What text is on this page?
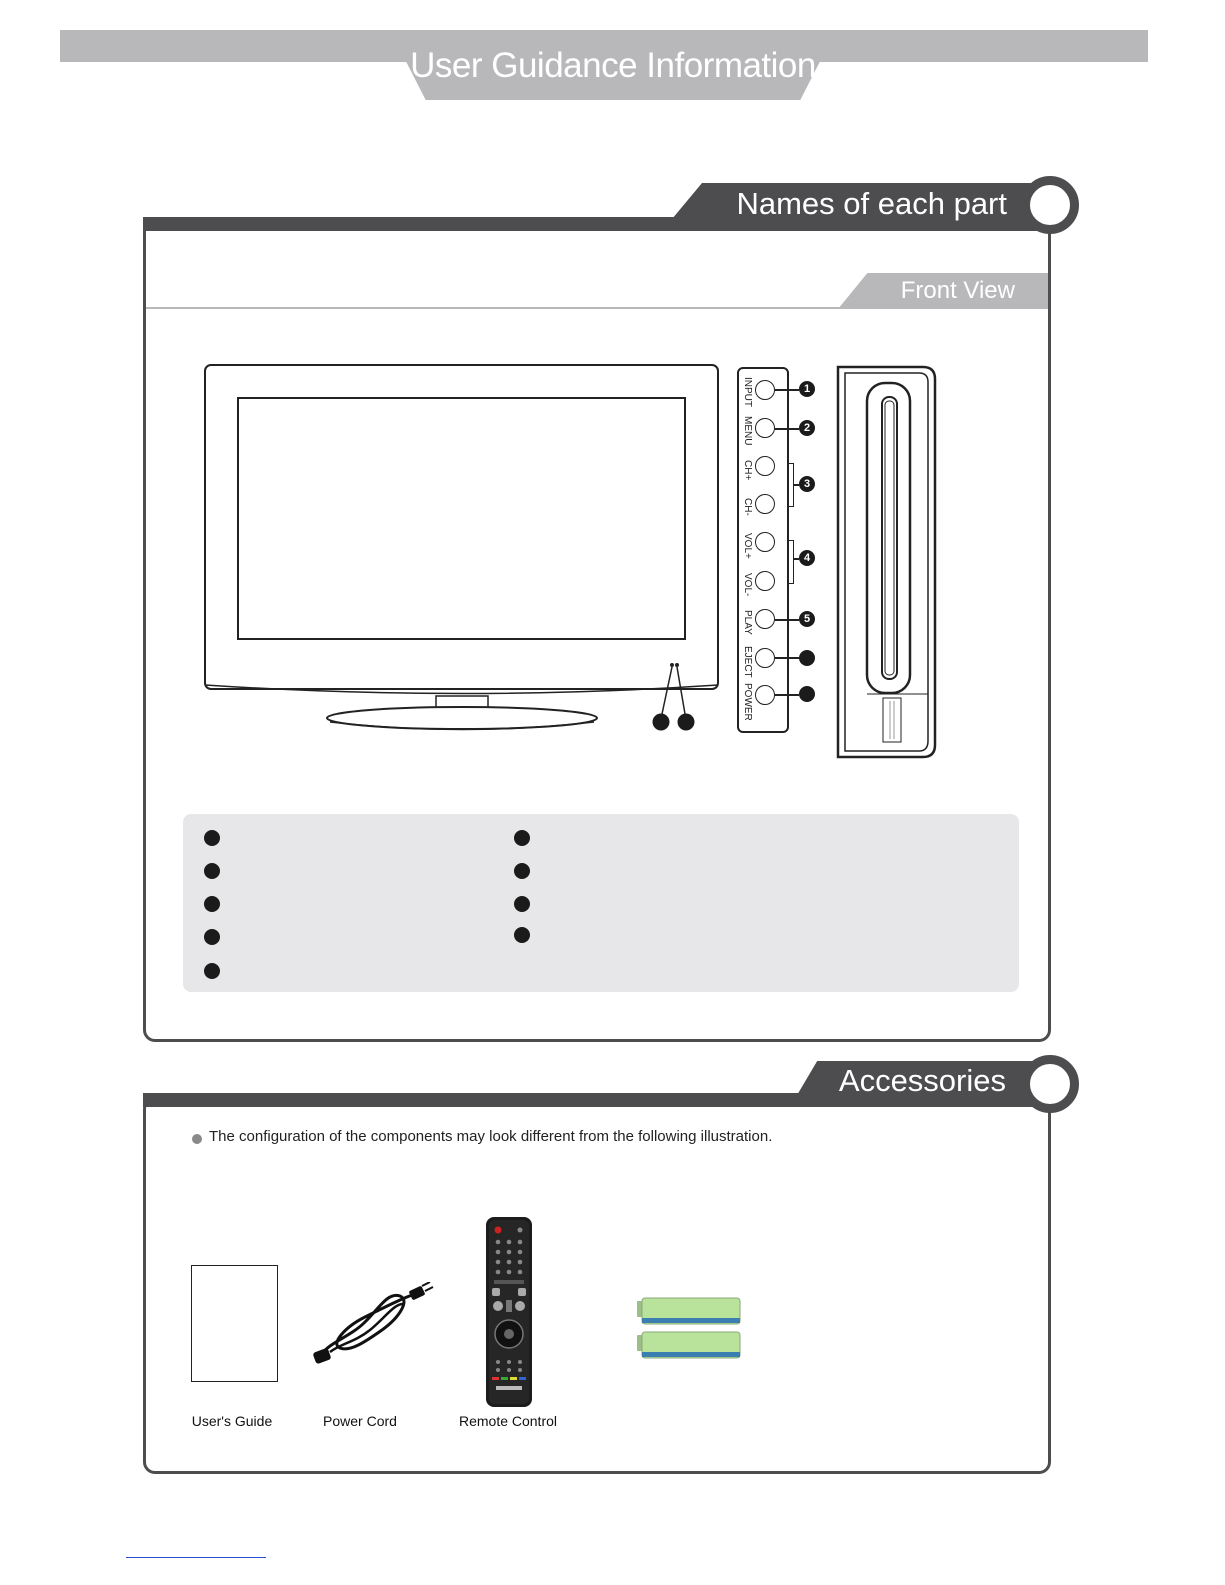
User Guidance Information
Names of each part
Front View
INPUT	1
MENU	2
CH+
CH-
3
VOL+
VOL-
4
PLAY	5
EJECT
POWER
Accessories
The configuration of the components may look different from the following illustration.
User's Guide	Power Cord	Remote Control
